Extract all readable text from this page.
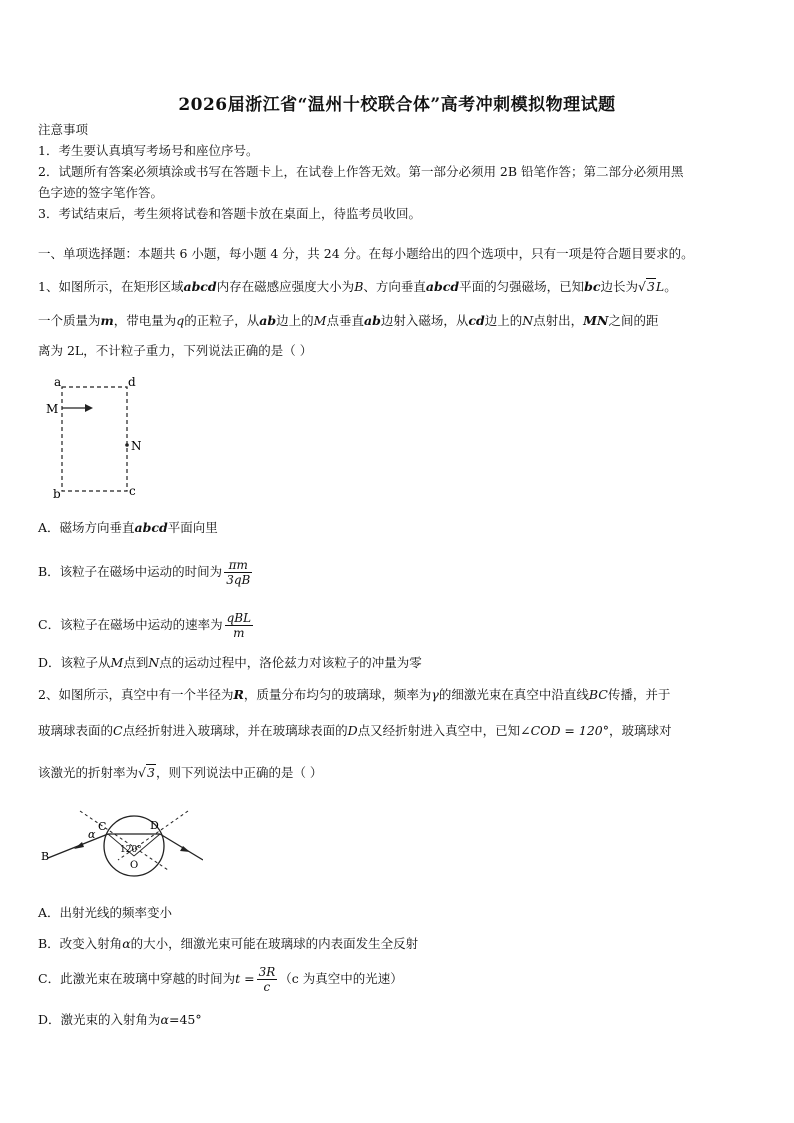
2026届浙江省“温州十校联合体”高考冲刺模拟物理试题
注意事项
1．考生要认真填写考场号和座位序号。
2．试题所有答案必须填涂或书写在答题卡上，在试卷上作答无效。第一部分必须用 2B 铅笔作答；第二部分必须用黑
色字迹的签字笔作答。
3．考试结束后，考生须将试卷和答题卡放在桌面上，待监考员收回。
一、单项选择题：本题共 6 小题，每小题 4 分，共 24 分。在每小题给出的四个选项中，只有一项是符合题目要求的。
1、如图所示，在矩形区域abcd内存在磁感应强度大小为B、方向垂直abcd平面的匀强磁场，已知bc边长为√3L。
一个质量为m，带电量为q的正粒子，从ab边上的M点垂直ab边射入磁场，从cd边上的N点射出，MN之间的距
离为 2L，不计粒子重力，下列说法正确的是（ ）
a	d
M
N
b	c
A．磁场方向垂直abcd平面向里
B．该粒子在磁场中运动的时间为 $\frac{\pi m}{3qB}$
C．该粒子在磁场中运动的速率为 $\frac{\text{qBL}}{m}$
D．该粒子从M点到N点的运动过程中，洛伦兹力对该粒子的冲量为零
2、如图所示，真空中有一个半径为R，质量分布均匀的玻璃球，频率为γ的细激光束在真空中沿直线BC传播，并于
玻璃球表面的C点经折射进入玻璃球，并在玻璃球表面的D点又经折射进入真空中，已知∠COD = 120°，玻璃球对
该激光的折射率为√3，则下列说法中正确的是（ ）
B
α
C	D
120°
O
A．出射光线的频率变小
B．改变入射角α的大小，细激光束可能在玻璃球的内表面发生全反射
C．此激光束在玻璃中穿越的时间为$t = \frac{3R}{c} (c$ 为真空中的光速）
D．激光束的入射角为α=45°
